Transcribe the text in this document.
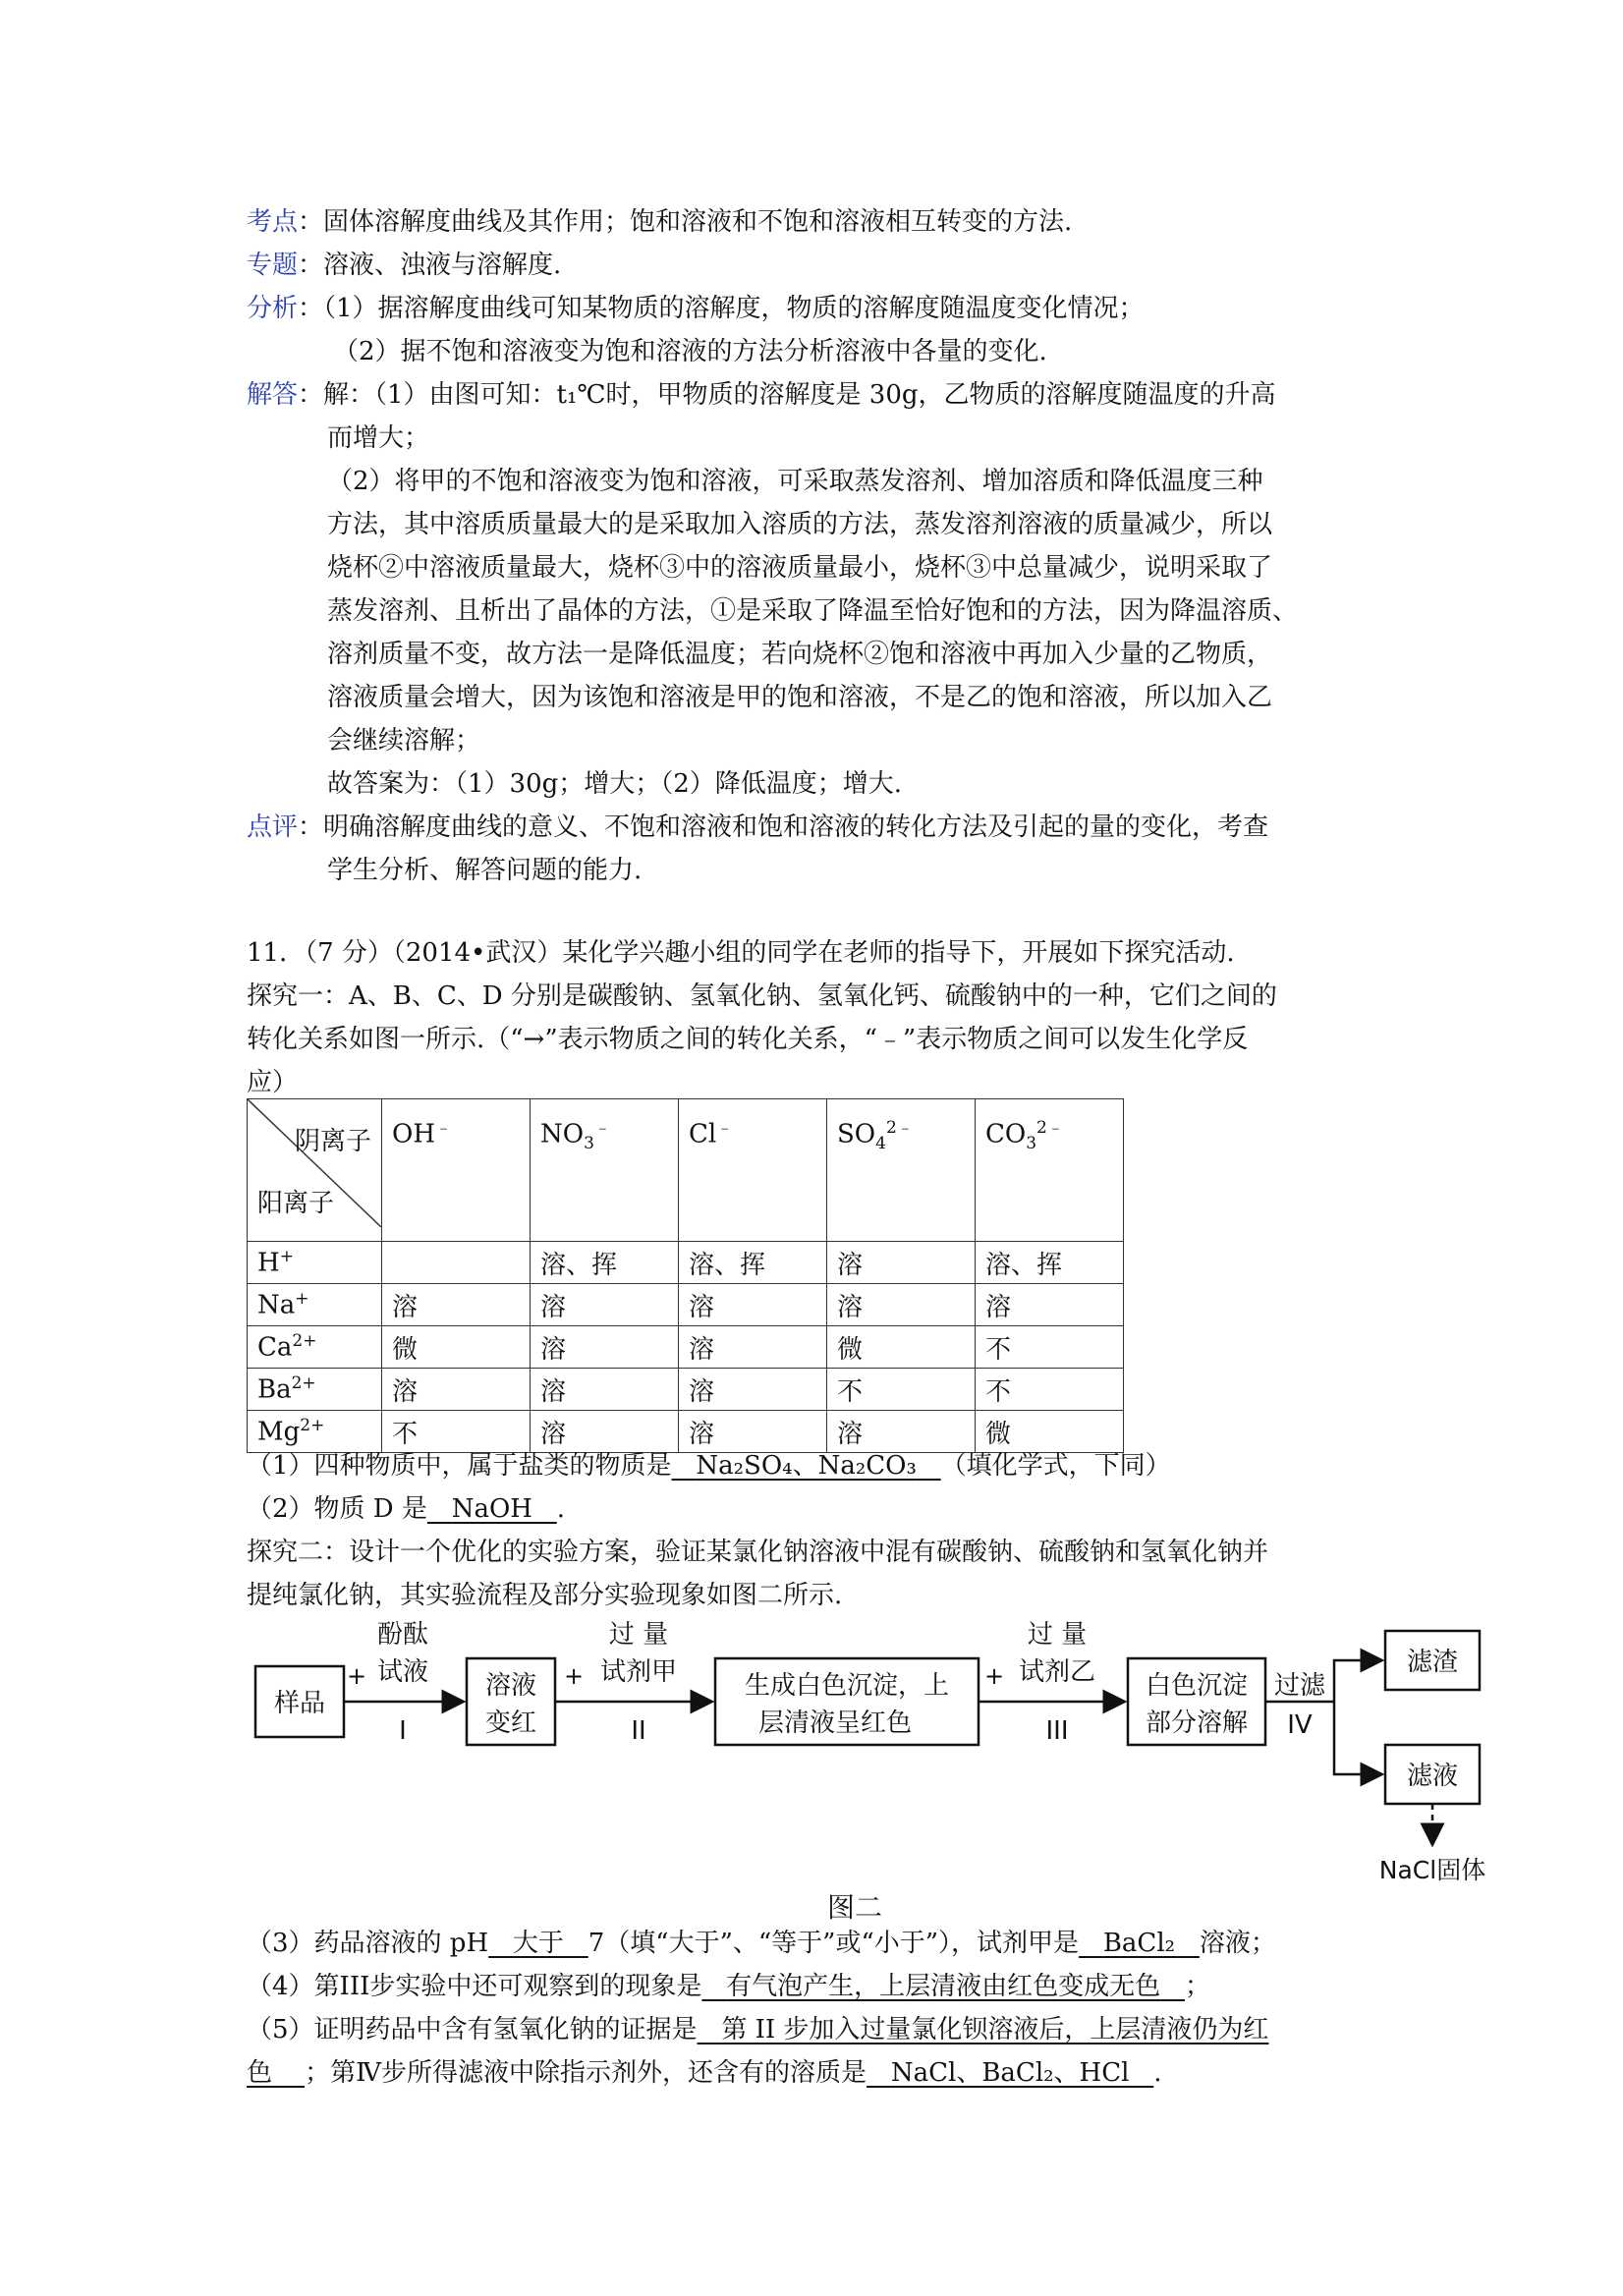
考点：固体溶解度曲线及其作用；饱和溶液和不饱和溶液相互转变的方法.
专题：溶液、浊液与溶解度.
分析：（1）据溶解度曲线可知某物质的溶解度，物质的溶解度随温度变化情况；
（2）据不饱和溶液变为饱和溶液的方法分析溶液中各量的变化.
解答：解：（1）由图可知：t₁℃时，甲物质的溶解度是 30g，乙物质的溶解度随温度的升高
而增大；
（2）将甲的不饱和溶液变为饱和溶液，可采取蒸发溶剂、增加溶质和降低温度三种
方法，其中溶质质量最大的是采取加入溶质的方法，蒸发溶剂溶液的质量减少，所以
烧杯②中溶液质量最大，烧杯③中的溶液质量最小，烧杯③中总量减少，说明采取了
蒸发溶剂、且析出了晶体的方法，①是采取了降温至恰好饱和的方法，因为降温溶质、
溶剂质量不变，故方法一是降低温度；若向烧杯②饱和溶液中再加入少量的乙物质，
溶液质量会增大，因为该饱和溶液是甲的饱和溶液，不是乙的饱和溶液，所以加入乙
会继续溶解；
故答案为：（1）30g；增大；（2）降低温度；增大.
点评：明确溶解度曲线的意义、不饱和溶液和饱和溶液的转化方法及引起的量的变化，考查
学生分析、解答问题的能力.
11．（7 分）（2014•武汉）某化学兴趣小组的同学在老师的指导下，开展如下探究活动.
探究一：A、B、C、D 分别是碳酸钠、氢氧化钠、氢氧化钙、硫酸钠中的一种，它们之间的
转化关系如图一所示.（“→”表示物质之间的转化关系，“﹣”表示物质之间可以发生化学反
应）
阴离子
阳离子	OH﹣	$NO_3^﹣$	Cl﹣	$SO_4^{2﹣}$	$CO_3^{2﹣}$
H+		溶、挥	溶、挥	溶	溶、挥
Na+	溶	溶	溶	溶	溶
$Ca^{2+}$	微	溶	溶	微	不
$Ba^{2+}$	溶	溶	溶	不	不
$Mg^{2+}$	不	溶	溶	溶	微
（1）四种物质中，属于盐类的物质是 Na₂SO₄、Na₂CO₃ （填化学式，下同）
（2）物质 D 是 NaOH .
探究二：设计一个优化的实验方案，验证某氯化钠溶液中混有碳酸钠、硫酸钠和氢氧化钠并
提纯氯化钠，其实验流程及部分实验现象如图二所示.
样品
+
酚酞
试液
I
溶液
变红
+
过 量
试剂甲
II
生成白色沉淀，上
层清液呈红色
+
过 量
试剂乙
III
白色沉淀
部分溶解
过滤
IV
滤渣
滤液
NaCl固体
图二
（3）药品溶液的 pH 大于 7（填“大于”、“等于”或“小于”），试剂甲是 BaCl₂ 溶液；
（4）第III步实验中还可观察到的现象是 有气泡产生，上层清液由红色变成无色 ；
（5）证明药品中含有氢氧化钠的证据是 第 II 步加入过量氯化钡溶液后，上层清液仍为红
色 ；第Ⅳ步所得滤液中除指示剂外，还含有的溶质是 NaCl、BaCl₂、HCl .
